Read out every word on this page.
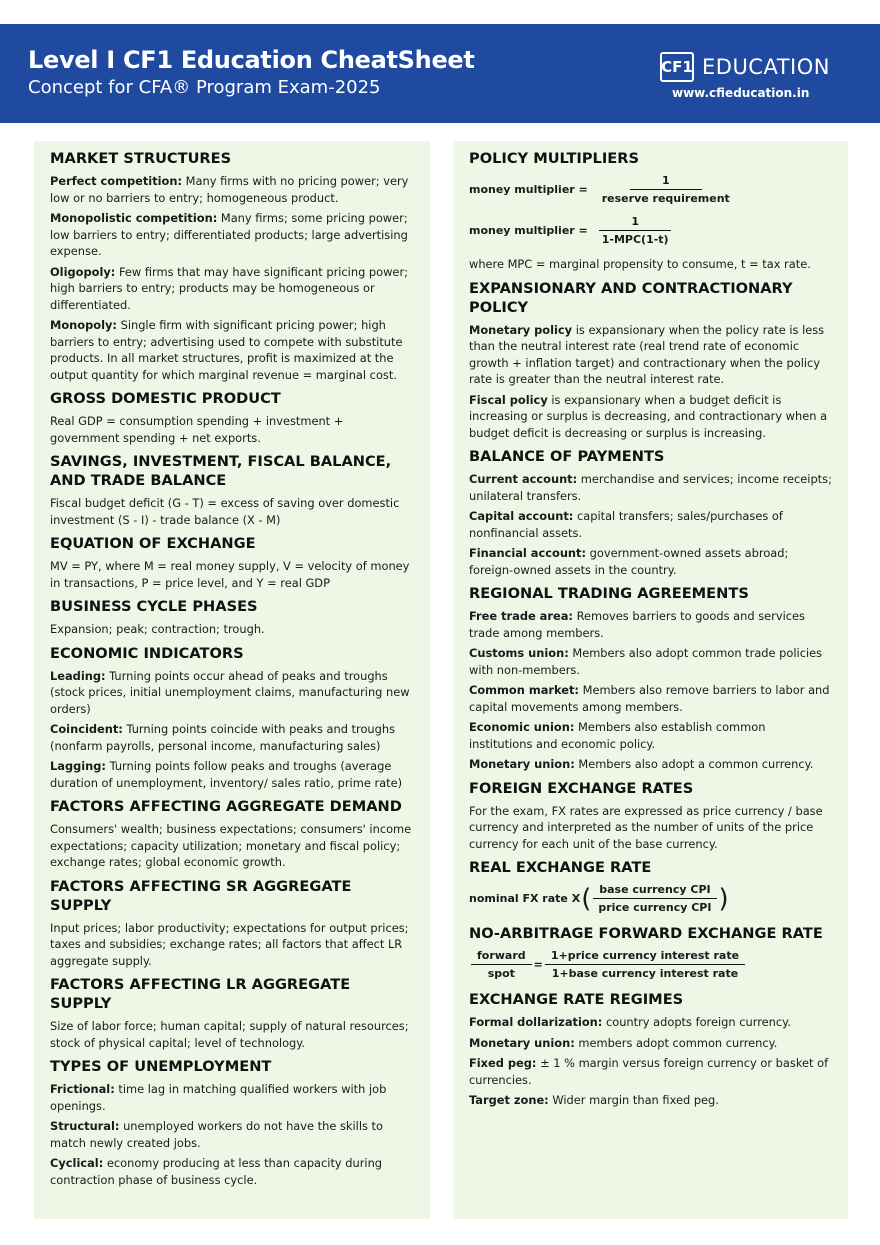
Level I CF1 Education CheatSheet
Concept for CFA® Program Exam-2025
CF1 EDUCATION
www.cfieducation.in
MARKET STRUCTURES

Perfect competition: Many firms with no pricing power; very low or no barriers to entry; homogeneous product.

Monopolistic competition: Many firms; some pricing power; low barriers to entry; differentiated products; large advertising expense.

Oligopoly: Few firms that may have significant pricing power; high barriers to entry; products may be homogeneous or differentiated.

Monopoly: Single firm with significant pricing power; high barriers to entry; advertising used to compete with substitute products. In all market structures, profit is maximized at the output quantity for which marginal revenue = marginal cost.

GROSS DOMESTIC PRODUCT

Real GDP = consumption spending + investment + government spending + net exports.

SAVINGS, INVESTMENT, FISCAL BALANCE, AND TRADE BALANCE

Fiscal budget deficit (G - T) = excess of saving over domestic investment (S - I) - trade balance (X - M)

EQUATION OF EXCHANGE

MV = PY, where M = real money supply, V = velocity of money in transactions, P = price level, and Y = real GDP

BUSINESS CYCLE PHASES

Expansion; peak; contraction; trough.

ECONOMIC INDICATORS

Leading: Turning points occur ahead of peaks and troughs (stock prices, initial unemployment claims, manufacturing new orders)

Coincident: Turning points coincide with peaks and troughs (nonfarm payrolls, personal income, manufacturing sales)

Lagging: Turning points follow peaks and troughs (average duration of unemployment, inventory/ sales ratio, prime rate)

FACTORS AFFECTING AGGREGATE DEMAND

Consumers' wealth; business expectations; consumers' income expectations; capacity utilization; monetary and fiscal policy; exchange rates; global economic growth.

FACTORS AFFECTING SR AGGREGATE SUPPLY

Input prices; labor productivity; expectations for output prices; taxes and subsidies; exchange rates; all factors that affect LR aggregate supply.

FACTORS AFFECTING LR AGGREGATE SUPPLY

Size of labor force; human capital; supply of natural resources; stock of physical capital; level of technology.

TYPES OF UNEMPLOYMENT

Frictional: time lag in matching qualified workers with job openings.

Structural: unemployed workers do not have the skills to match newly created jobs.

Cyclical: economy producing at less than capacity during contraction phase of business cycle.

POLICY MULTIPLIERS
money multiplier = $\frac{1}{\text{reserve requirement}}$
money multiplier = $\frac{1}{\text{1-MPC(1-t)}}$

where MPC = marginal propensity to consume, t = tax rate.

EXPANSIONARY AND CONTRACTIONARY POLICY

Monetary policy is expansionary when the policy rate is less than the neutral interest rate (real trend rate of economic growth + inflation target) and contractionary when the policy rate is greater than the neutral interest rate.

Fiscal policy is expansionary when a budget deficit is increasing or surplus is decreasing, and contractionary when a budget deficit is decreasing or surplus is increasing.

BALANCE OF PAYMENTS

Current account: merchandise and services; income receipts; unilateral transfers.

Capital account: capital transfers; sales/purchases of nonfinancial assets.

Financial account: government-owned assets abroad; foreign-owned assets in the country.

REGIONAL TRADING AGREEMENTS

Free trade area: Removes barriers to goods and services trade among members.

Customs union: Members also adopt common trade policies with non-members.

Common market: Members also remove barriers to labor and capital movements among members.

Economic union: Members also establish common institutions and economic policy.

Monetary union: Members also adopt a common currency.

FOREIGN EXCHANGE RATES

For the exam, FX rates are expressed as price currency / base currency and interpreted as the number of units of the price currency for each unit of the base currency.

REAL EXCHANGE RATE
nominal FX rate X ( $\frac{\text{base currency CPI}}{\text{price currency CPI}}$ )
NO-ARBITRAGE FORWARD EXCHANGE RATE
$\frac{\text{forward}}{\text{spot}} = \frac{\text{1+price currency interest rate}}{\text{1+base currency interest rate}}$
EXCHANGE RATE REGIMES

Formal dollarization: country adopts foreign currency.

Monetary union: members adopt common currency.

Fixed peg: ± 1 % margin versus foreign currency or basket of currencies.

Target zone: Wider margin than fixed peg.
